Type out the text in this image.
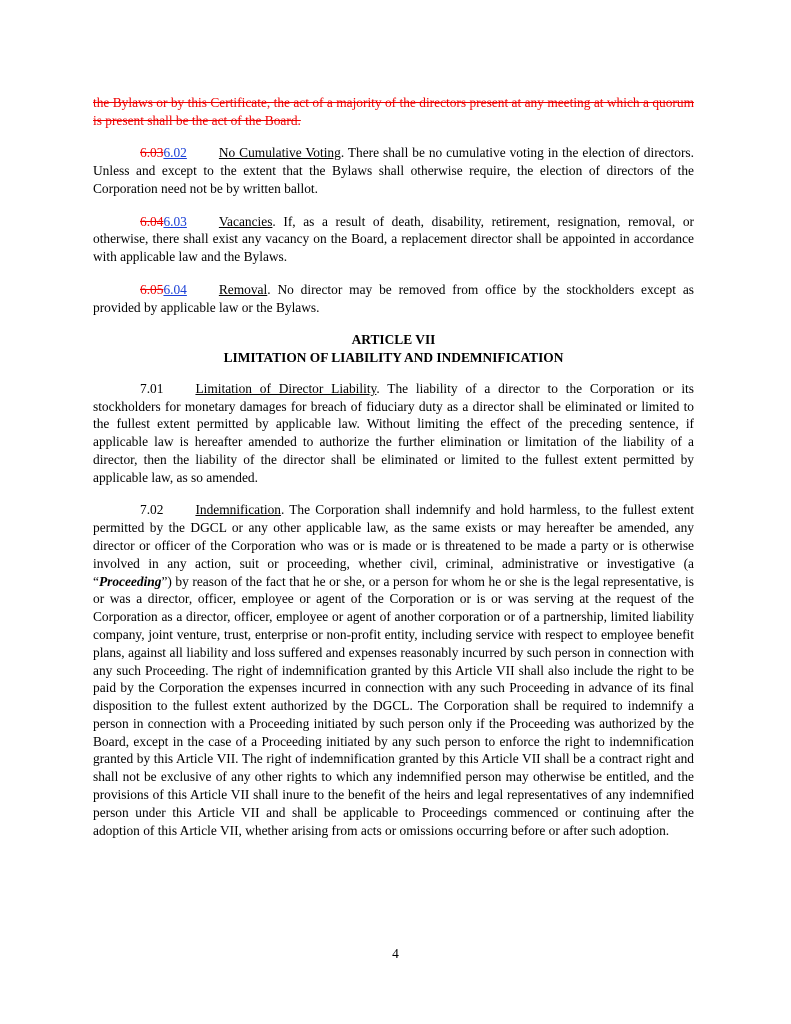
the Bylaws or by this Certificate, the act of a majority of the directors present at any meeting at which a quorum is present shall be the act of the Board.

6.036.02 No Cumulative Voting. There shall be no cumulative voting in the election of directors. Unless and except to the extent that the Bylaws shall otherwise require, the election of directors of the Corporation need not be by written ballot.

6.046.03 Vacancies. If, as a result of death, disability, retirement, resignation, removal, or otherwise, there shall exist any vacancy on the Board, a replacement director shall be appointed in accordance with applicable law and the Bylaws.

6.056.04 Removal. No director may be removed from office by the stockholders except as provided by applicable law or the Bylaws.

ARTICLE VII
LIMITATION OF LIABILITY AND INDEMNIFICATION

7.01 Limitation of Director Liability. The liability of a director to the Corporation or its stockholders for monetary damages for breach of fiduciary duty as a director shall be eliminated or limited to the fullest extent permitted by applicable law. Without limiting the effect of the preceding sentence, if applicable law is hereafter amended to authorize the further elimination or limitation of the liability of a director, then the liability of the director shall be eliminated or limited to the fullest extent permitted by applicable law, as so amended.

7.02 Indemnification. The Corporation shall indemnify and hold harmless, to the fullest extent permitted by the DGCL or any other applicable law, as the same exists or may hereafter be amended, any director or officer of the Corporation who was or is made or is threatened to be made a party or is otherwise involved in any action, suit or proceeding, whether civil, criminal, administrative or investigative (a “Proceeding”) by reason of the fact that he or she, or a person for whom he or she is the legal representative, is or was a director, officer, employee or agent of the Corporation or is or was serving at the request of the Corporation as a director, officer, employee or agent of another corporation or of a partnership, limited liability company, joint venture, trust, enterprise or non-profit entity, including service with respect to employee benefit plans, against all liability and loss suffered and expenses reasonably incurred by such person in connection with any such Proceeding. The right of indemnification granted by this Article VII shall also include the right to be paid by the Corporation the expenses incurred in connection with any such Proceeding in advance of its final disposition to the fullest extent authorized by the DGCL. The Corporation shall be required to indemnify a person in connection with a Proceeding initiated by such person only if the Proceeding was authorized by the Board, except in the case of a Proceeding initiated by any such person to enforce the right to indemnification granted by this Article VII. The right of indemnification granted by this Article VII shall be a contract right and shall not be exclusive of any other rights to which any indemnified person may otherwise be entitled, and the provisions of this Article VII shall inure to the benefit of the heirs and legal representatives of any indemnified person under this Article VII and shall be applicable to Proceedings commenced or continuing after the adoption of this Article VII, whether arising from acts or omissions occurring before or after such adoption.

4
